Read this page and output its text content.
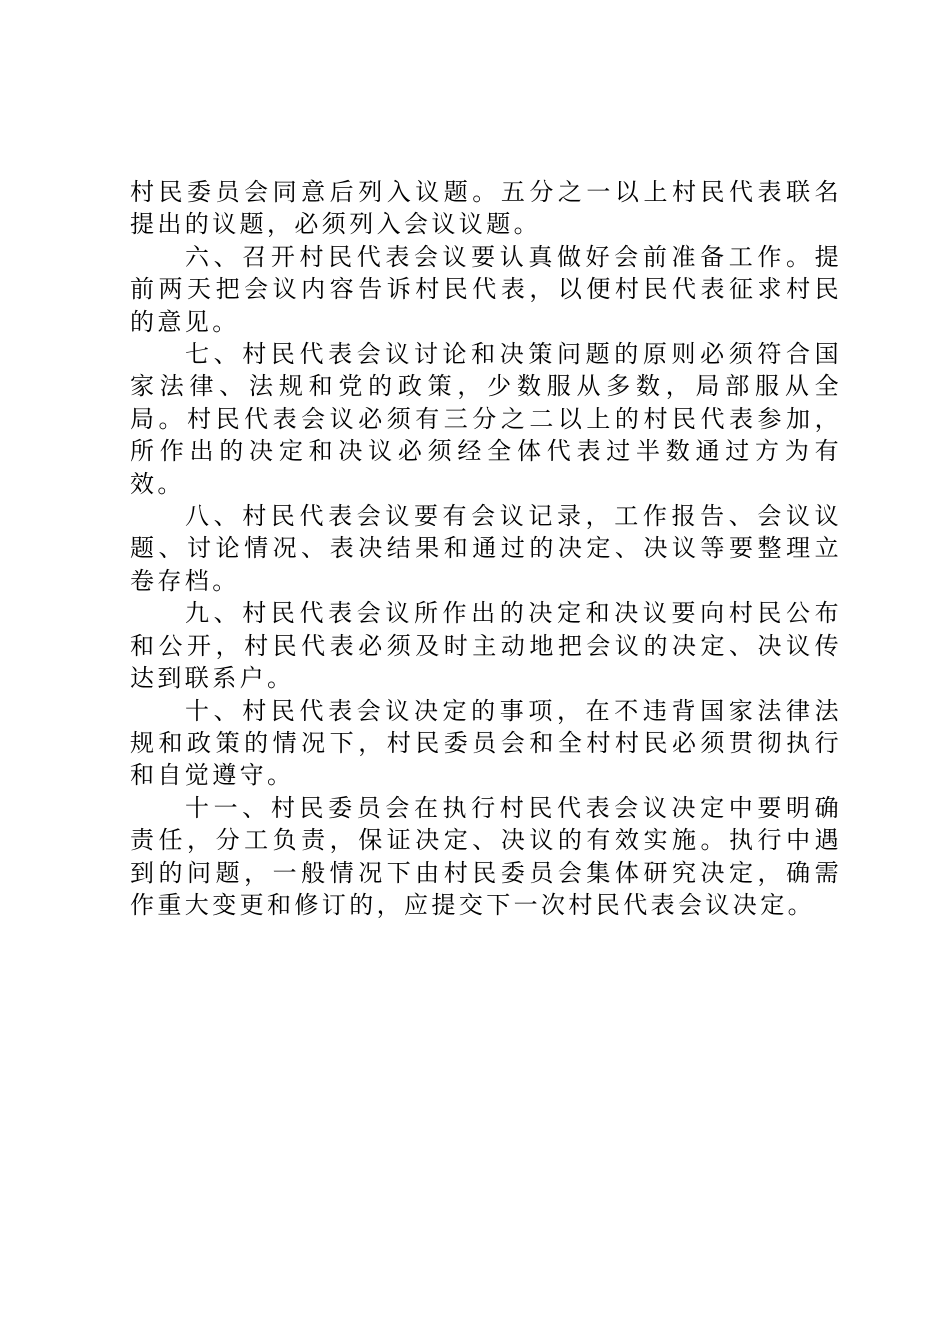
村民委员会同意后列入议题。五分之一以上村民代表联名提出的议题，必须列入会议议题。

六、召开村民代表会议要认真做好会前准备工作。提前两天把会议内容告诉村民代表，以便村民代表征求村民的意见。

七、村民代表会议讨论和决策问题的原则必须符合国家法律、法规和党的政策，少数服从多数，局部服从全局。村民代表会议必须有三分之二以上的村民代表参加，所作出的决定和决议必须经全体代表过半数通过方为有效。

八、村民代表会议要有会议记录，工作报告、会议议题、讨论情况、表决结果和通过的决定、决议等要整理立卷存档。

九、村民代表会议所作出的决定和决议要向村民公布和公开，村民代表必须及时主动地把会议的决定、决议传达到联系户。

十、村民代表会议决定的事项，在不违背国家法律法规和政策的情况下，村民委员会和全村村民必须贯彻执行和自觉遵守。

十一、村民委员会在执行村民代表会议决定中要明确责任，分工负责，保证决定、决议的有效实施。执行中遇到的问题，一般情况下由村民委员会集体研究决定，确需作重大变更和修订的，应提交下一次村民代表会议决定。
